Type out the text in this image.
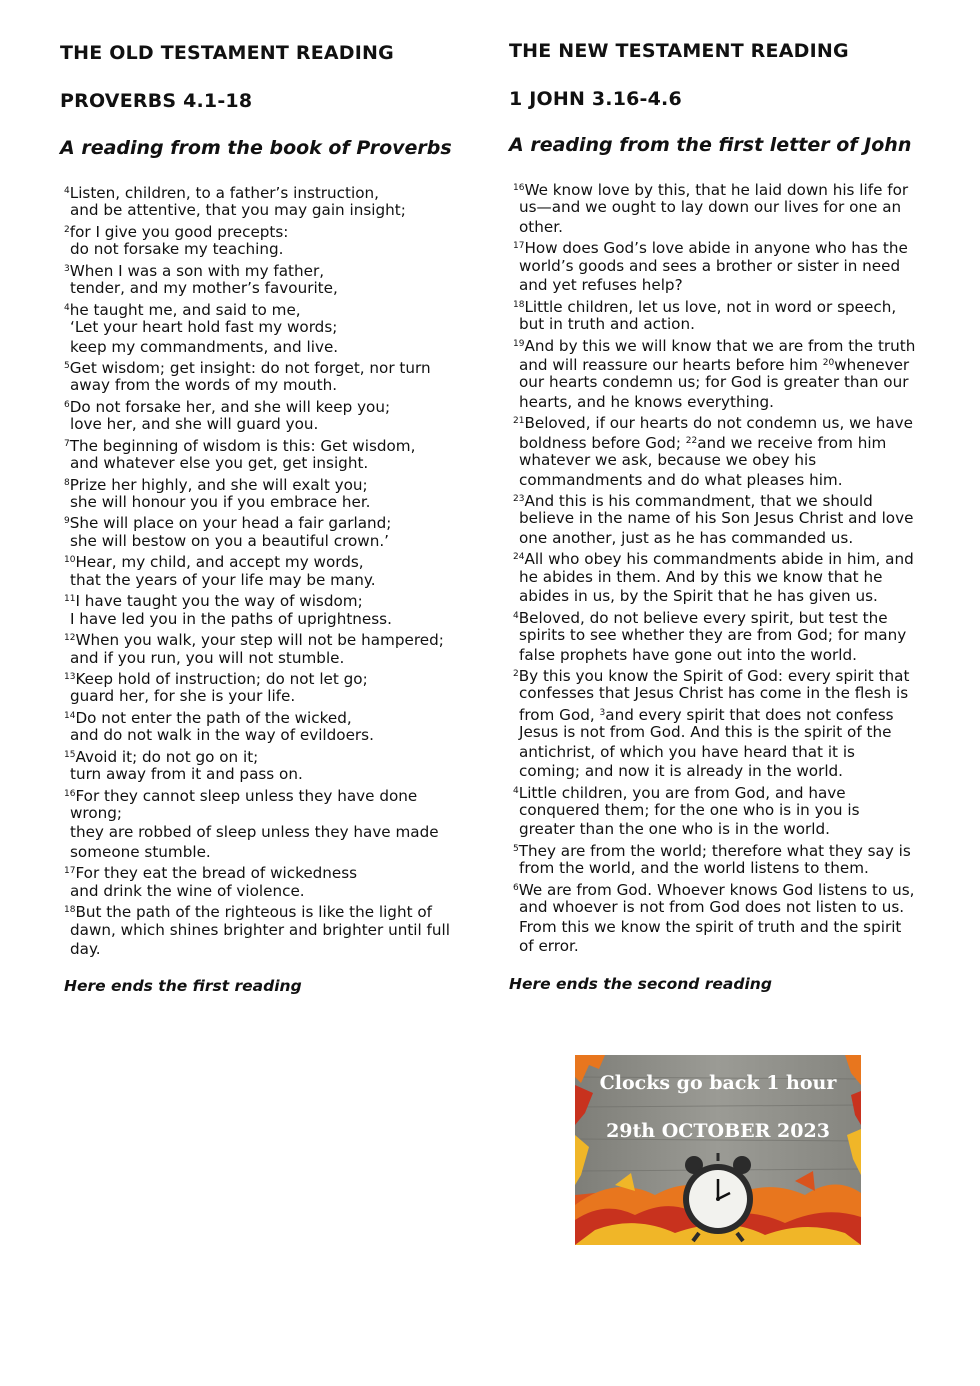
THE OLD TESTAMENT READING
PROVERBS 4.1-18
A reading from the book of Proverbs
$^4$Listen, children, to a father’s instruction,
and be attentive, that you may gain insight;
$^2$for I give you good precepts:
do not forsake my teaching.
$^3$When I was a son with my father,
tender, and my mother’s favourite,
$^4$he taught me, and said to me,
‘Let your heart hold fast my words;
keep my commandments, and live.
$^5$Get wisdom; get insight: do not forget, nor turn
away from the words of my mouth.
$^6$Do not forsake her, and she will keep you;
love her, and she will guard you.
$^7$The beginning of wisdom is this: Get wisdom,
and whatever else you get, get insight.
$^8$Prize her highly, and she will exalt you;
she will honour you if you embrace her.
$^9$She will place on your head a fair garland;
she will bestow on you a beautiful crown.’
$^{10}$Hear, my child, and accept my words,
that the years of your life may be many.
$^{11}$I have taught you the way of wisdom;
I have led you in the paths of uprightness.
$^{12}$When you walk, your step will not be hampered;
and if you run, you will not stumble.
$^{13}$Keep hold of instruction; do not let go;
guard her, for she is your life.
$^{14}$Do not enter the path of the wicked,
and do not walk in the way of evildoers.
$^{15}$Avoid it; do not go on it;
turn away from it and pass on.
$^{16}$For they cannot sleep unless they have done
wrong;
they are robbed of sleep unless they have made
someone stumble.
$^{17}$For they eat the bread of wickedness
and drink the wine of violence.
$^{18}$But the path of the righteous is like the light of
dawn, which shines brighter and brighter until full
day.
Here ends the first reading
THE NEW TESTAMENT READING
1 JOHN 3.16-4.6
A reading from the first letter of John
$^{16}$We know love by this, that he laid down his life for
us—and we ought to lay down our lives for one an
other.
$^{17}$How does God’s love abide in anyone who has the
world’s goods and sees a brother or sister in need
and yet refuses help?
$^{18}$Little children, let us love, not in word or speech,
but in truth and action.
$^{19}$And by this we will know that we are from the truth
and will reassure our hearts before him $^{20}$whenever
our hearts condemn us; for God is greater than our
hearts, and he knows everything.
$^{21}$Beloved, if our hearts do not condemn us, we have
boldness before God; $^{22}$and we receive from him
whatever we ask, because we obey his
commandments and do what pleases him.
$^{23}$And this is his commandment, that we should
believe in the name of his Son Jesus Christ and love
one another, just as he has commanded us.
$^{24}$All who obey his commandments abide in him, and
he abides in them. And by this we know that he
abides in us, by the Spirit that he has given us.
$^4$Beloved, do not believe every spirit, but test the
spirits to see whether they are from God; for many
false prophets have gone out into the world.
$^2$By this you know the Spirit of God: every spirit that
confesses that Jesus Christ has come in the flesh is
from God, $^3$and every spirit that does not confess
Jesus is not from God. And this is the spirit of the
antichrist, of which you have heard that it is
coming; and now it is already in the world.
$^4$Little children, you are from God, and have
conquered them; for the one who is in you is
greater than the one who is in the world.
$^5$They are from the world; therefore what they say is
from the world, and the world listens to them.
$^6$We are from God. Whoever knows God listens to us,
and whoever is not from God does not listen to us.
From this we know the spirit of truth and the spirit
of error.
Here ends the second reading
Clocks go back 1 hour
29th OCTOBER 2023
